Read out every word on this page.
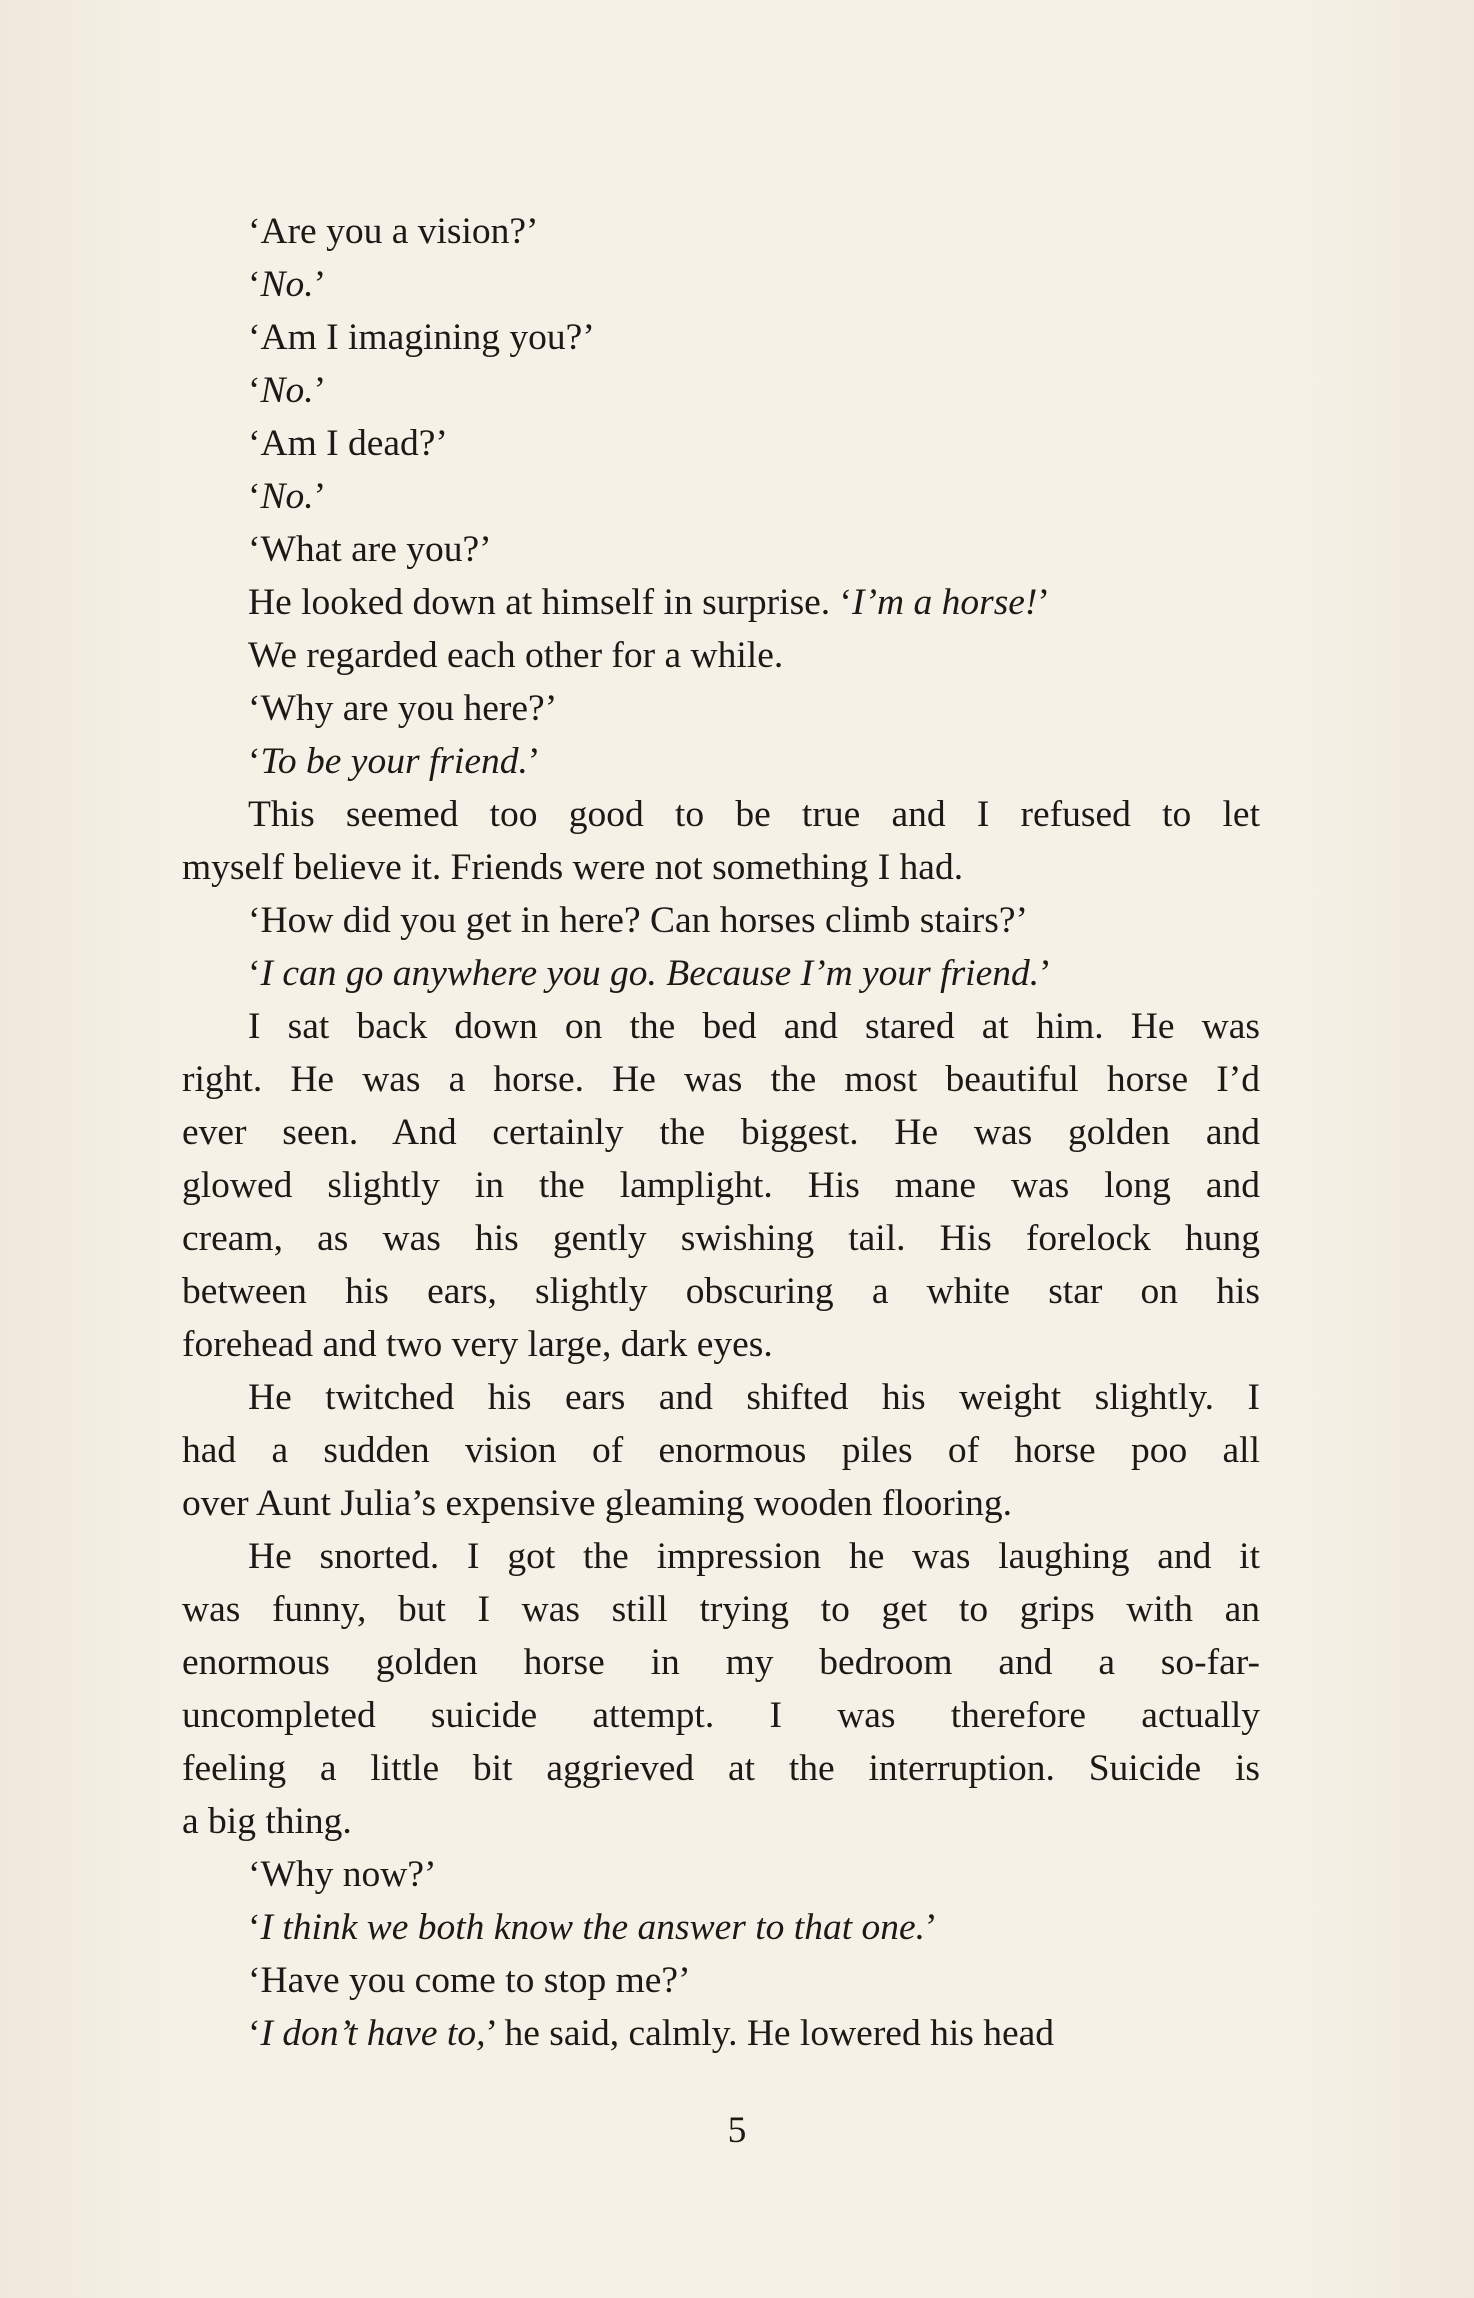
‘Are you a vision?’
‘No.’
‘Am I imagining you?’
‘No.’
‘Am I dead?’
‘No.’
‘What are you?’
He looked down at himself in surprise. ‘I’m a horse!’
We regarded each other for a while.
‘Why are you here?’
‘To be your friend.’
This seemed too good to be true and I refused to let
myself believe it. Friends were not something I had.
‘How did you get in here? Can horses climb stairs?’
‘I can go anywhere you go. Because I’m your friend.’
I sat back down on the bed and stared at him. He was
right. He was a horse. He was the most beautiful horse I’d
ever seen. And certainly the biggest. He was golden and
glowed slightly in the lamplight. His mane was long and
cream, as was his gently swishing tail. His forelock hung
between his ears, slightly obscuring a white star on his
forehead and two very large, dark eyes.
He twitched his ears and shifted his weight slightly. I
had a sudden vision of enormous piles of horse poo all
over Aunt Julia’s expensive gleaming wooden flooring.
He snorted. I got the impression he was laughing and it
was funny, but I was still trying to get to grips with an
enormous golden horse in my bedroom and a so-far-
uncompleted suicide attempt. I was therefore actually
feeling a little bit aggrieved at the interruption. Suicide is
a big thing.
‘Why now?’
‘I think we both know the answer to that one.’
‘Have you come to stop me?’
‘I don’t have to,’ he said, calmly. He lowered his head
5
